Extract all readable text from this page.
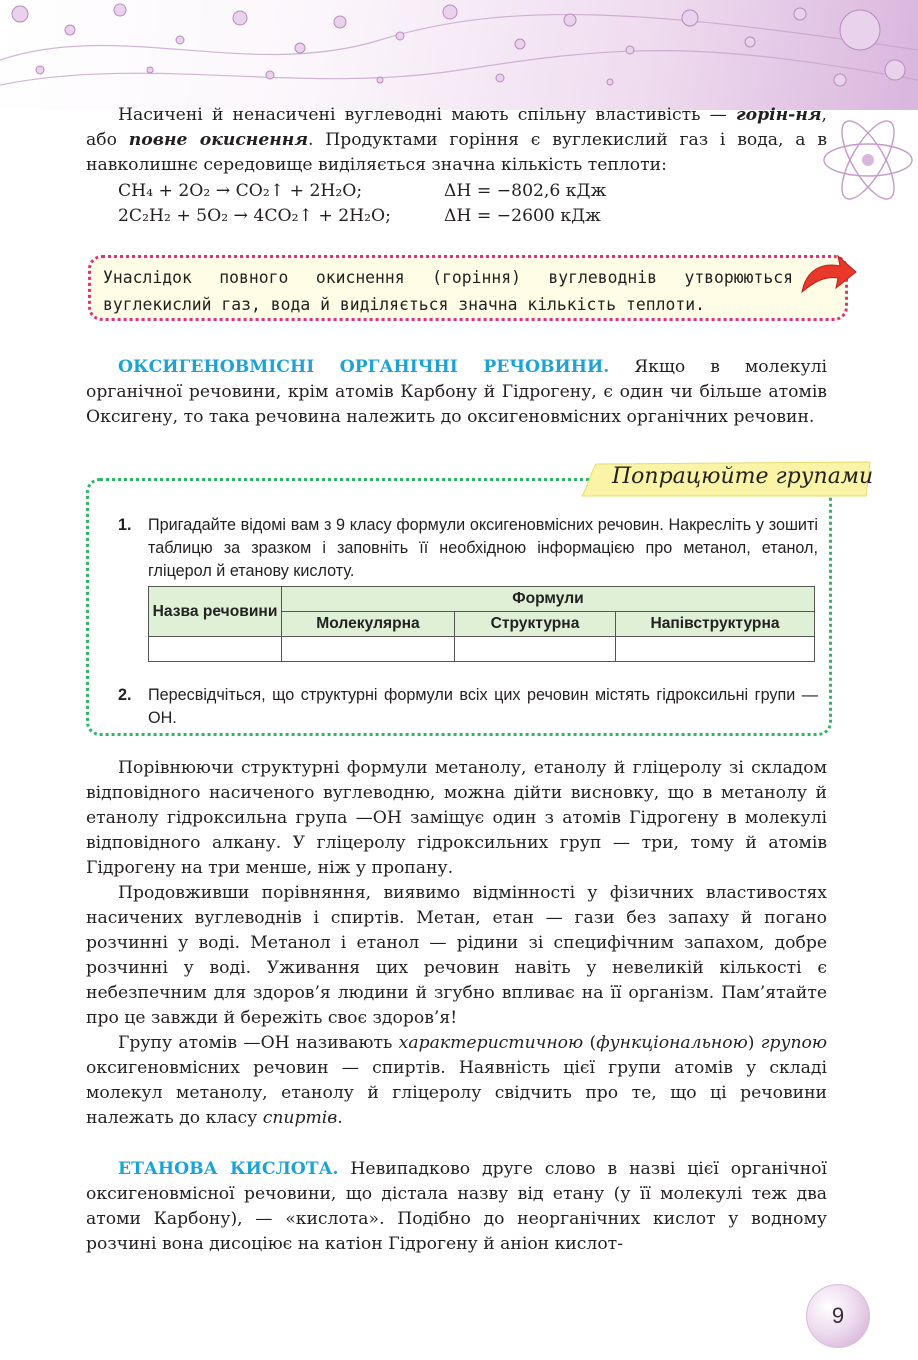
Насичені й ненасичені вуглеводні мають спільну властивість — горін-ня, або повне окиснення. Продуктами горіння є вуглекислий газ і вода, а в навколишнє середовище виділяється значна кількість теплоти:

CH₄ + 2O₂ → CO₂↑ + 2H₂O;	ΔH = −802,6 кДж
2C₂H₂ + 5O₂ → 4CO₂↑ + 2H₂O;	ΔH = −2600 кДж
Унаслідок повного окиснення (горіння) вуглеводнів утворюються вуглекислий газ, вода й виділяється значна кількість теплоти.

ОКСИГЕНОВМІСНІ ОРГАНІЧНІ РЕЧОВИНИ. Якщо в молекулі органічної речовини, крім атомів Карбону й Гідрогену, є один чи більше атомів Оксигену, то така речовина належить до оксигеновмісних органічних речовин.

Попрацюйте групами
1. Пригадайте відомі вам з 9 класу формули оксигеновмісних речовин. Накресліть у зошиті таблицю за зразком і заповніть її необхідною інформацією про метанол, етанол, гліцерол й етанову кислоту.
Назва речовини	Формули		
	Молекулярна	Структурна	Напівструктурна

2. Пересвідчіться, що структурні формули всіх цих речовин містять гідроксильні групи —OH.

Порівнюючи структурні формули метанолу, етанолу й гліцеролу зі складом відповідного насиченого вуглеводню, можна дійти висновку, що в метанолу й етанолу гідроксильна група —OH заміщує один з атомів Гідрогену в молекулі відповідного алкану. У гліцеролу гідроксильних груп — три, тому й атомів Гідрогену на три менше, ніж у пропану.

Продовживши порівняння, виявимо відмінності у фізичних властивостях насичених вуглеводнів і спиртів. Метан, етан — гази без запаху й погано розчинні у воді. Метанол і етанол — рідини зі специфічним запахом, добре розчинні у воді. Уживання цих речовин навіть у невеликій кількості є небезпечним для здоров’я людини й згубно впливає на її організм. Пам’ятайте про це завжди й бережіть своє здоров’я!

Групу атомів —OH називають характеристичною (функціональною) групою оксигеновмісних речовин — спиртів. Наявність цієї групи атомів у складі молекул метанолу, етанолу й гліцеролу свідчить про те, що ці речовини належать до класу спиртів.

ЕТАНОВА КИСЛОТА. Невипадково друге слово в назві цієї органічної оксигеновмісної речовини, що дістала назву від етану (у її молекулі теж два атоми Карбону), — «кислота». Подібно до неорганічних кислот у водному розчині вона дисоціює на катіон Гідрогену й аніон кислот-

9
